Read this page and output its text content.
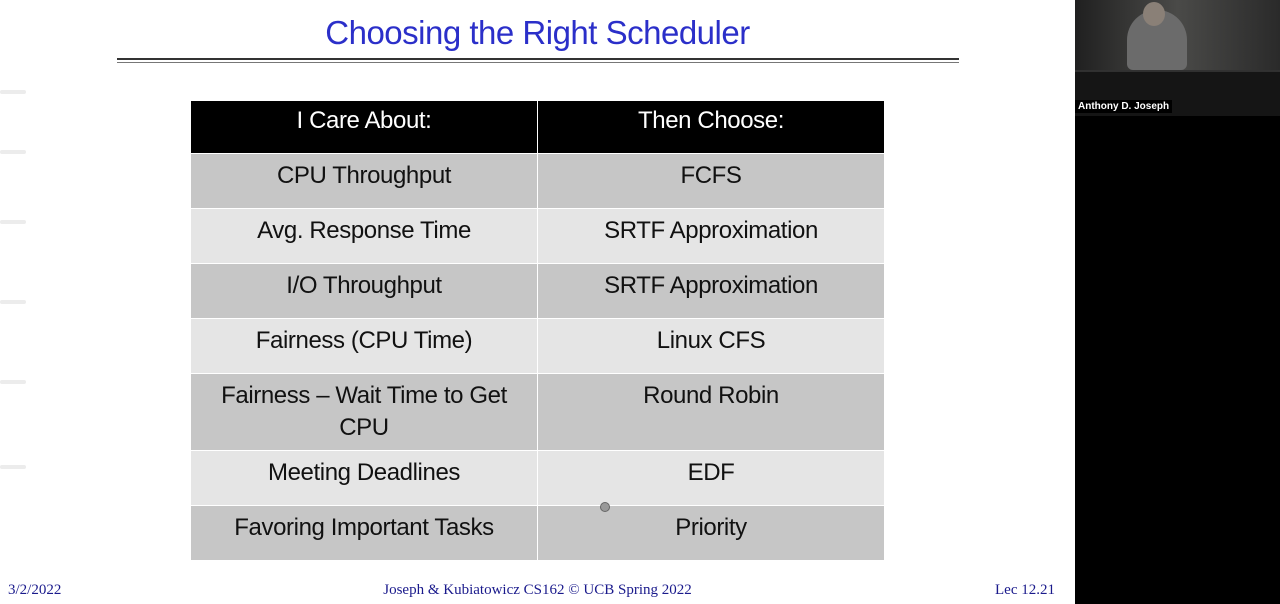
Choosing the Right Scheduler
I Care About:	Then Choose:
CPU Throughput	FCFS
Avg. Response Time	SRTF Approximation
I/O Throughput	SRTF Approximation
Fairness (CPU Time)	Linux CFS
Fairness – Wait Time to Get CPU	Round Robin
Meeting Deadlines	EDF
Favoring Important Tasks	Priority
3/2/2022	Joseph & Kubiatowicz CS162 © UCB Spring 2022	Lec 12.21
Anthony D. Joseph
